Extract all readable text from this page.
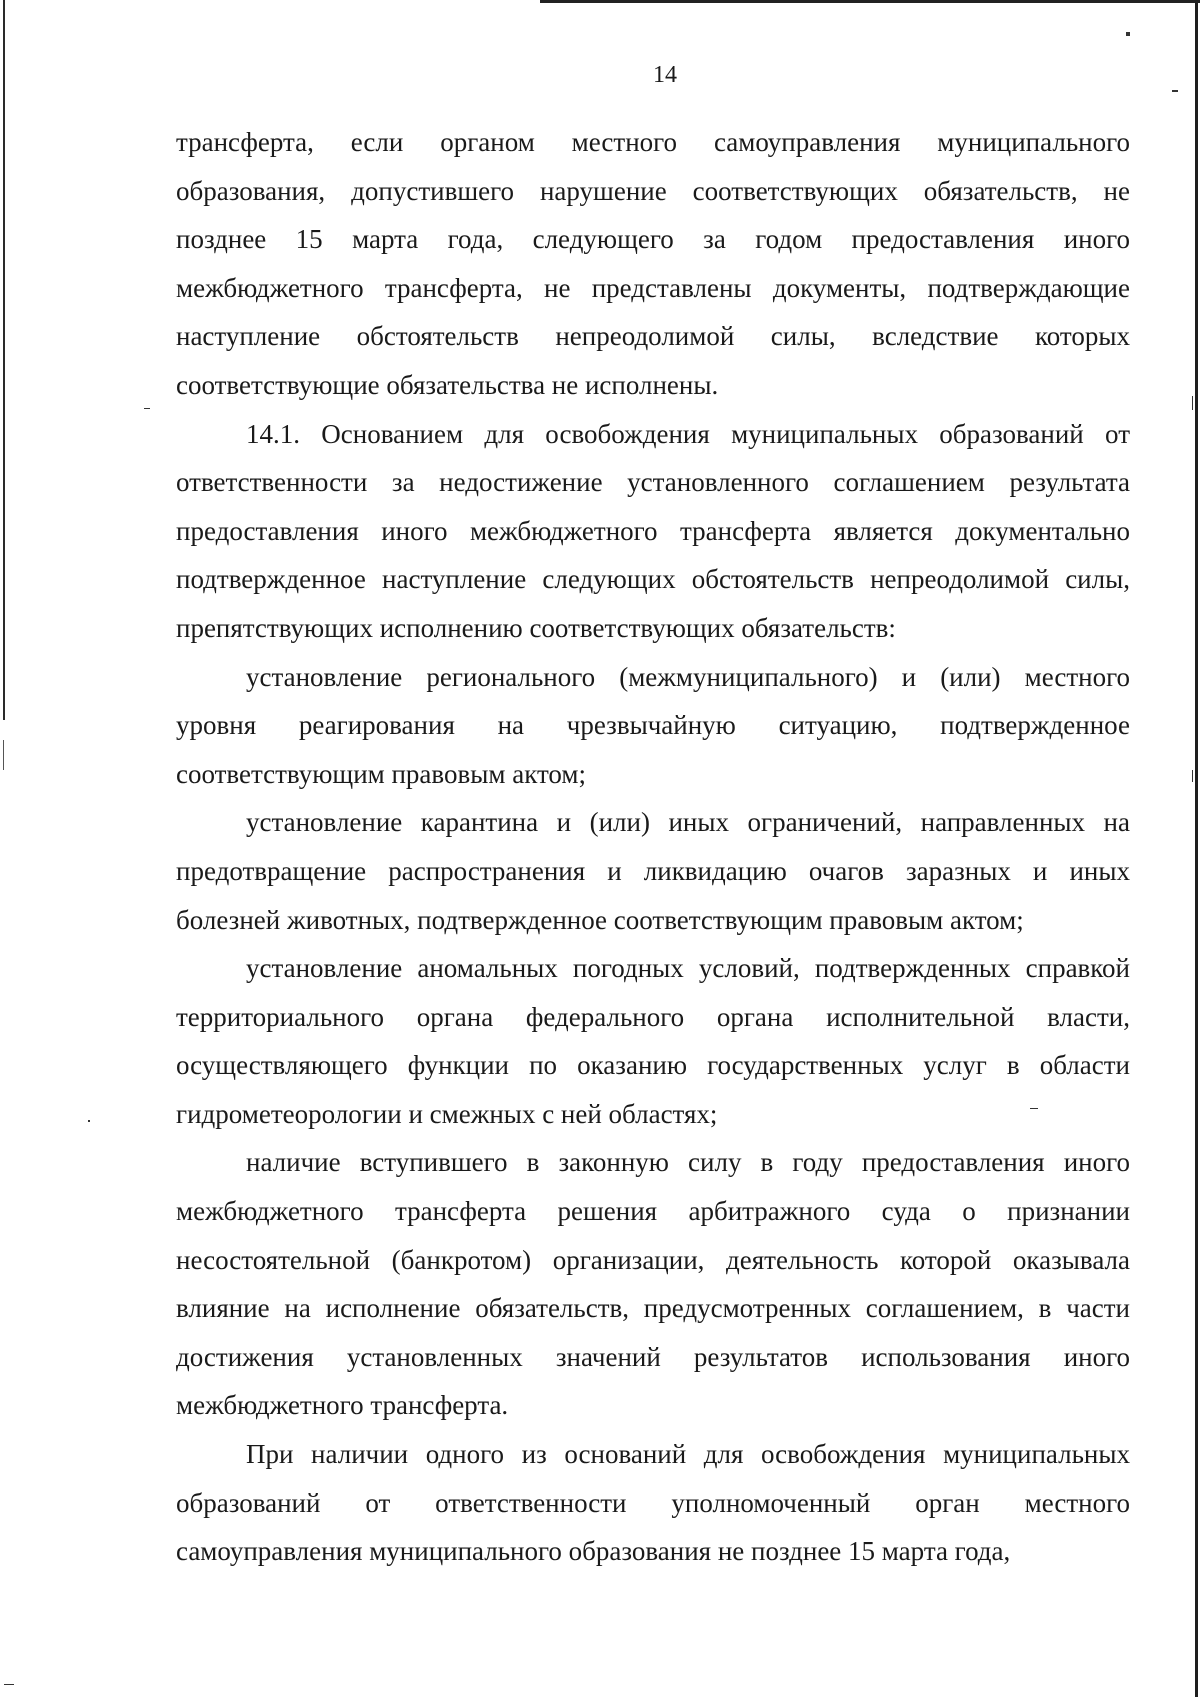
14

трансферта, если органом местного самоуправления муниципального образования, допустившего нарушение соответствующих обязательств, не позднее 15 марта года, следующего за годом предоставления иного межбюджетного трансферта, не представлены документы, подтверждающие наступление обстоятельств непреодолимой силы, вследствие которых соответствующие обязательства не исполнены.

14.1. Основанием для освобождения муниципальных образований от ответственности за недостижение установленного соглашением результата предоставления иного межбюджетного трансферта является документально подтвержденное наступление следующих обстоятельств непреодолимой силы, препятствующих исполнению соответствующих обязательств:

установление регионального (межмуниципального) и (или) местного уровня реагирования на чрезвычайную ситуацию, подтвержденное соответствующим правовым актом;

установление карантина и (или) иных ограничений, направленных на предотвращение распространения и ликвидацию очагов заразных и иных болезней животных, подтвержденное соответствующим правовым актом;

установление аномальных погодных условий, подтвержденных справкой территориального органа федерального органа исполнительной власти, осуществляющего функции по оказанию государственных услуг в области гидрометеорологии и смежных с ней областях;

наличие вступившего в законную силу в году предоставления иного межбюджетного трансферта решения арбитражного суда о признании несостоятельной (банкротом) организации, деятельность которой оказывала влияние на исполнение обязательств, предусмотренных соглашением, в части достижения установленных значений результатов использования иного межбюджетного трансферта.

При наличии одного из оснований для освобождения муниципальных образований от ответственности уполномоченный орган местного самоуправления муниципального образования не позднее 15 марта года,
